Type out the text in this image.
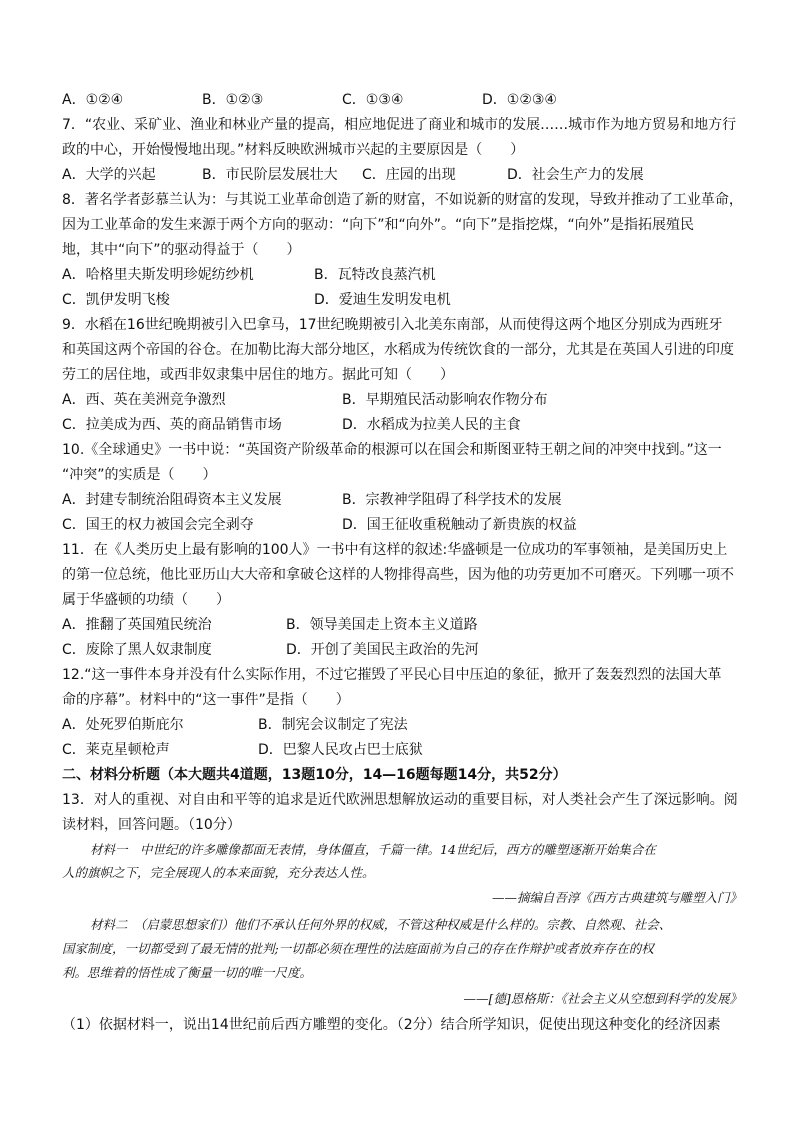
A．①②④	B．①②③	C．①③④	D．①②③④
7．“农业、采矿业、渔业和林业产量的提高，相应地促进了商业和城市的发展……城市作为地方贸易和地方行
政的中心，开始慢慢地出现。”材料反映欧洲城市兴起的主要原因是（　　）
A．大学的兴起	B．市民阶层发展壮大 C．庄园的出现	D．社会生产力的发展
8．著名学者彭慕兰认为：与其说工业革命创造了新的财富，不如说新的财富的发现，导致并推动了工业革命，
因为工业革命的发生来源于两个方向的驱动：“向下”和“向外”。“向下”是指挖煤，“向外”是指拓展殖民
地，其中“向下”的驱动得益于（　　）
A．哈格里夫斯发明珍妮纺纱机	B．瓦特改良蒸汽机
C．凯伊发明飞梭	D．爱迪生发明发电机
9．水稻在16世纪晚期被引入巴拿马，17世纪晚期被引入北美东南部，从而使得这两个地区分别成为西班牙
和英国这两个帝国的谷仓。在加勒比海大部分地区，水稻成为传统饮食的一部分，尤其是在英国人引进的印度
劳工的居住地，或西非奴隶集中居住的地方。据此可知（　　）
A．西、英在美洲竞争激烈	B．早期殖民活动影响农作物分布
C．拉美成为西、英的商品销售市场	D．水稻成为拉美人民的主食
10.《全球通史》一书中说：“英国资产阶级革命的根源可以在国会和斯图亚特王朝之间的冲突中找到。”这一
“冲突”的实质是（　　）
A．封建专制统治阻碍资本主义发展	B．宗教神学阻碍了科学技术的发展
C．国王的权力被国会完全剥夺	D．国王征收重税触动了新贵族的权益
11．在《人类历史上最有影响的100人》一书中有这样的叙述:华盛顿是一位成功的军事领袖，是美国历史上
的第一位总统，他比亚历山大大帝和拿破仑这样的人物排得高些，因为他的功劳更加不可磨灭。下列哪一项不
属于华盛顿的功绩（　　）
A．推翻了英国殖民统治	B．领导美国走上资本主义道路
C．废除了黑人奴隶制度	D．开创了美国民主政治的先河
12.“这一事件本身并没有什么实际作用，不过它摧毁了平民心目中压迫的象征，掀开了轰轰烈烈的法国大革
命的序幕”。材料中的“这一事件”是指（　　）
A．处死罗伯斯庇尔	B．制宪会议制定了宪法
C．莱克星顿枪声	D．巴黎人民攻占巴士底狱
二、材料分析题（本大题共4道题，13题10分，14—16题每题14分，共52分）
13．对人的重视、对自由和平等的追求是近代欧洲思想解放运动的重要目标，对人类社会产生了深远影响。阅
读材料，回答问题。（10分）
材料一　中世纪的许多雕像都面无表情，身体僵直，千篇一律。14世纪后，西方的雕塑逐渐开始集合在
人的旗帜之下，完全展现人的本来面貌，充分表达人性。
——摘编自吾淳《西方古典建筑与雕塑入门》
材料二　（启蒙思想家们）他们不承认任何外界的权威，不管这种权威是什么样的。宗教、自然观、社会、
国家制度，一切都受到了最无情的批判;一切都必须在理性的法庭面前为自己的存在作辩护或者放弃存在的权
利。思维着的悟性成了衡量一切的唯一尺度。
——[德]恩格斯：《社会主义从空想到科学的发展》
（1）依据材料一，说出14世纪前后西方雕塑的变化。（2分）结合所学知识，促使出现这种变化的经济因素
